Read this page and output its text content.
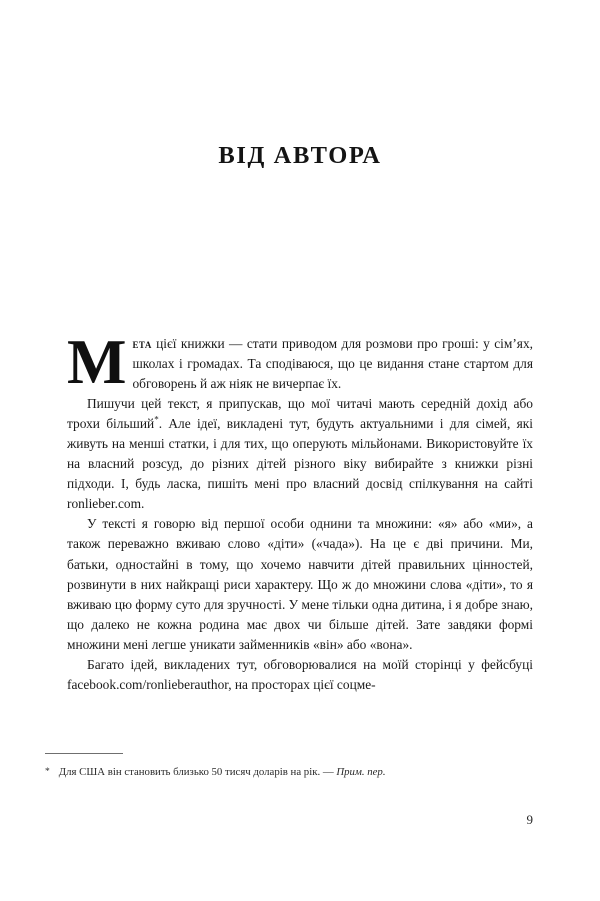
ВІД АВТОРА

Мета цієї книжки — стати приводом для розмови про гроші: у сім’ях, школах і громадах. Та сподіваюся, що це видання стане стартом для обговорень й аж ніяк не вичерпає їх.

Пишучи цей текст, я припускав, що мої читачі мають середній дохід або трохи більший*. Але ідеї, викладені тут, будуть актуальними і для сімей, які живуть на менші статки, і для тих, що оперують мільйонами. Використовуйте їх на власний розсуд, до різних дітей різного віку вибирайте з книжки різні підходи. І, будь ласка, пишіть мені про власний досвід спілкування на сайті ronlieber.com.

У тексті я говорю від першої особи однини та множини: «я» або «ми», а також переважно вживаю слово «діти» («чада»). На це є дві причини. Ми, батьки, одностайні в тому, що хочемо навчити дітей правильних цінностей, розвинути в них найкращі риси характеру. Що ж до множини слова «діти», то я вживаю цю форму суто для зручності. У мене тільки одна дитина, і я добре знаю, що далеко не кожна родина має двох чи більше дітей. Зате завдяки формі множини мені легше уникати займенників «він» або «вона».

Багато ідей, викладених тут, обговорювалися на моїй сторінці у фейсбуці facebook.com/ronlieberauthor, на просторах цієї соцме-

* Для США він становить близько 50 тисяч доларів на рік. — Прим. пер.

9
